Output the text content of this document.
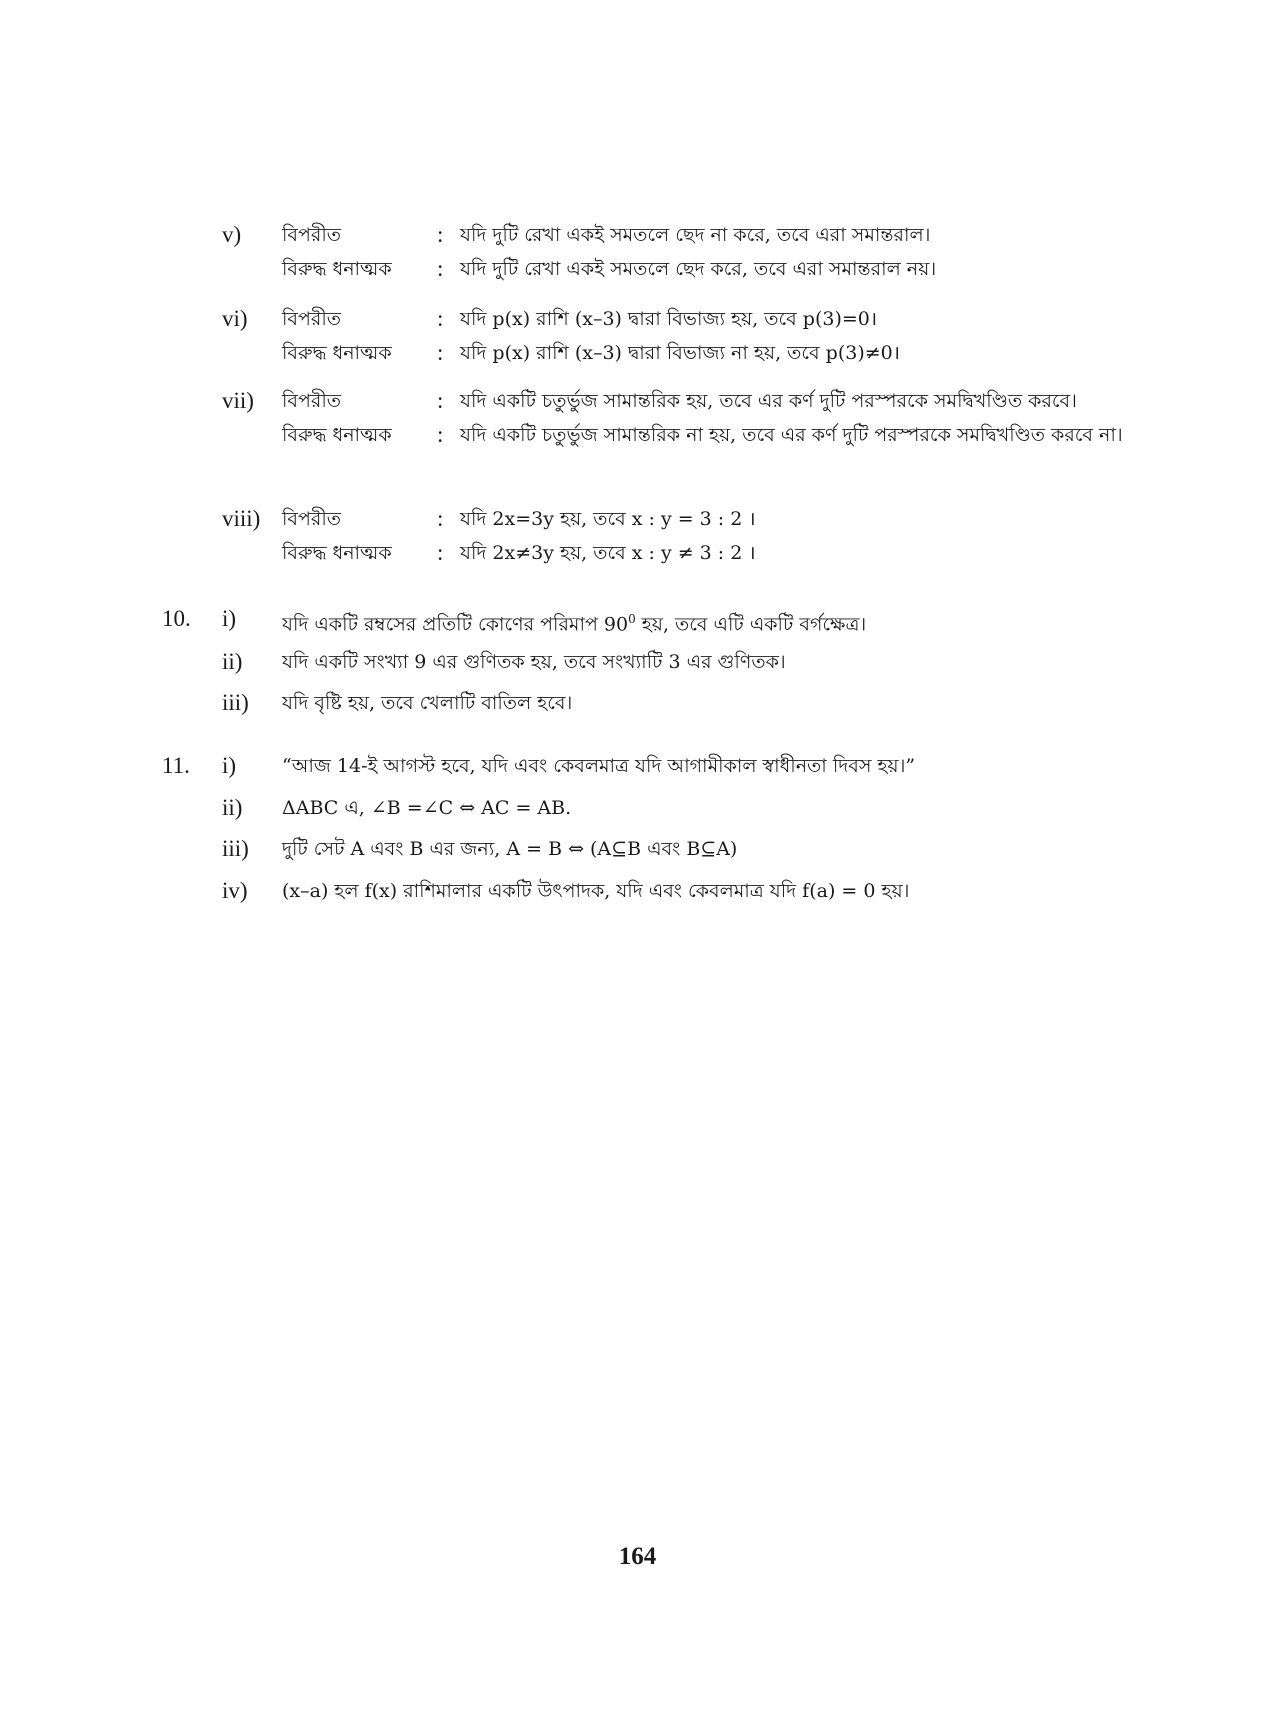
v) বিপরীত	: যদি দুটি রেখা একই সমতলে ছেদ না করে, তবে এরা সমান্তরাল।
বিরুদ্ধ ধনাত্মক : যদি দুটি রেখা একই সমতলে ছেদ করে, তবে এরা সমান্তরাল নয়।
vi) বিপরীত	: যদি p(x) রাশি (x–3) দ্বারা বিভাজ্য হয়, তবে p(3)=0।
বিরুদ্ধ ধনাত্মক : যদি p(x) রাশি (x–3) দ্বারা বিভাজ্য না হয়, তবে p(3)≠0।
vii) বিপরীত	: যদি একটি চতুর্ভুজ সামান্তরিক হয়, তবে এর কর্ণ দুটি পরস্পরকে সমদ্বিখণ্ডিত করবে।
বিরুদ্ধ ধনাত্মক : যদি একটি চতুর্ভুজ সামান্তরিক না হয়, তবে এর কর্ণ দুটি পরস্পরকে সমদ্বিখণ্ডিত করবে না।
viii) বিপরীত	: যদি 2x=3y হয়, তবে x : y = 3 : 2 ।
বিরুদ্ধ ধনাত্মক : যদি 2x≠3y হয়, তবে x : y ≠ 3 : 2 ।
10. i) যদি একটি রম্বসের প্রতিটি কোণের পরিমাপ $90^0$ হয়, তবে এটি একটি বর্গক্ষেত্র।
ii) যদি একটি সংখ্যা 9 এর গুণিতক হয়, তবে সংখ্যাটি 3 এর গুণিতক।
iii) যদি বৃষ্টি হয়, তবে খেলাটি বাতিল হবে।
11. i) “আজ 14-ই আগস্ট হবে, যদি এবং কেবলমাত্র যদি আগামীকাল স্বাধীনতা দিবস হয়।”
ii) ΔABC এ, ∠B =∠C ⇔ AC = AB.
iii) দুটি সেট A এবং B এর জন্য, A = B ⇔ (A⊆B এবং B⊆A)
iv) (x–a) হল f(x) রাশিমালার একটি উৎপাদক, যদি এবং কেবলমাত্র যদি f(a) = 0 হয়।
164
